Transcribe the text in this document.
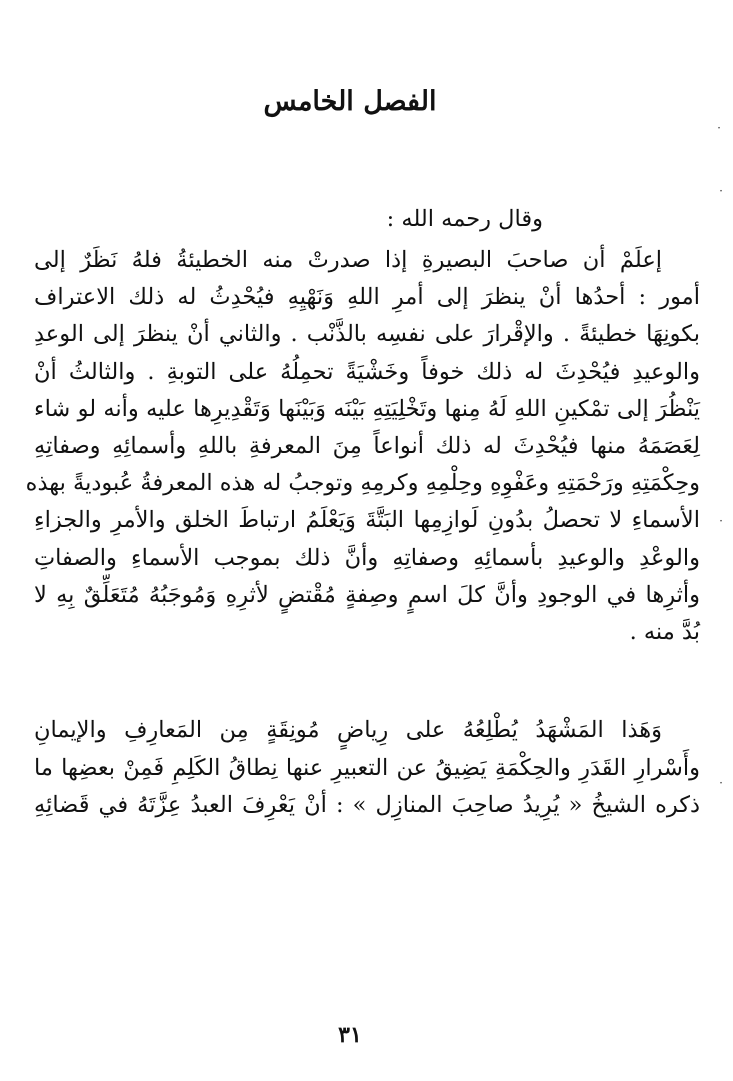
الفصل الخامس
وقال رحمه الله :
إعلَمْ أن صاحبَ البصيرةِ إذا صدرتْ منه الخطيئةُ فلهُ نَظَرٌ إلى
أمور : أحدُها أنْ ينظرَ إلى أمرِ اللهِ وَنَهْيِهِ فيُحْدِثُ له ذلك الاعتراف
بكونِهَا خطيئةً . والإقْرارَ على نفسِه بالذَّنْب . والثاني أنْ ينظرَ إلى الوعدِ
والوعيدِ فيُحْدِثَ له ذلك خوفاً وخَشْيَةً تحمِلُهُ على التوبةِ . والثالثُ أنْ
يَنْظُرَ إلى تمْكينِ اللهِ لَهُ مِنها وتَخْلِيَتِهِ بَيْنَه وَبَيْنَها وَتَقْدِيرِها عليه وأنه لو شاء
لِعَصَمَهُ منها فيُحْدِثَ له ذلك أنواعاً مِنَ المعرفةِ باللهِ وأسمائِهِ وصفاتِهِ
وحِكْمَتِهِ ورَحْمَتِهِ وعَفْوِهِ وحِلْمِهِ وكرمِهِ وتوجبُ له هذه المعرفةُ عُبوديةً بهذه
الأسماءِ لا تحصلُ بدُونِ لَوازِمِها البَتَّةَ وَيَعْلَمُ ارتباطَ الخلق والأمرِ والجزاءِ
والوعْدِ والوعيدِ بأسمائِهِ وصفاتِهِ وأنَّ ذلك بموجب الأسماءِ والصفاتِ
وأثرِها في الوجودِ وأنَّ كلَ اسمٍ وصِفةٍ مُقْتضٍ لأثرِهِ وَمُوجَبُهُ مُتَعَلِّقٌ بِهِ لا
بُدَّ منه .
وَهَذا المَشْهَدُ يُطْلِعُهُ على رِياضٍ مُونِقَةٍ مِن المَعارِفِ والإيمانِ
وأَسْرارِ القَدَرِ والحِكْمَةِ يَضِيقُ عن التعبيرِ عنها نِطاقُ الكَلِمِ فَمِنْ بعضِها ما
ذكره الشيخُ « يُرِيدُ صاحِبَ المنازِل » : أنْ يَعْرِفَ العبدُ عِزَّتَهُ في قَضائِهِ
٣١
·
·
·
·
